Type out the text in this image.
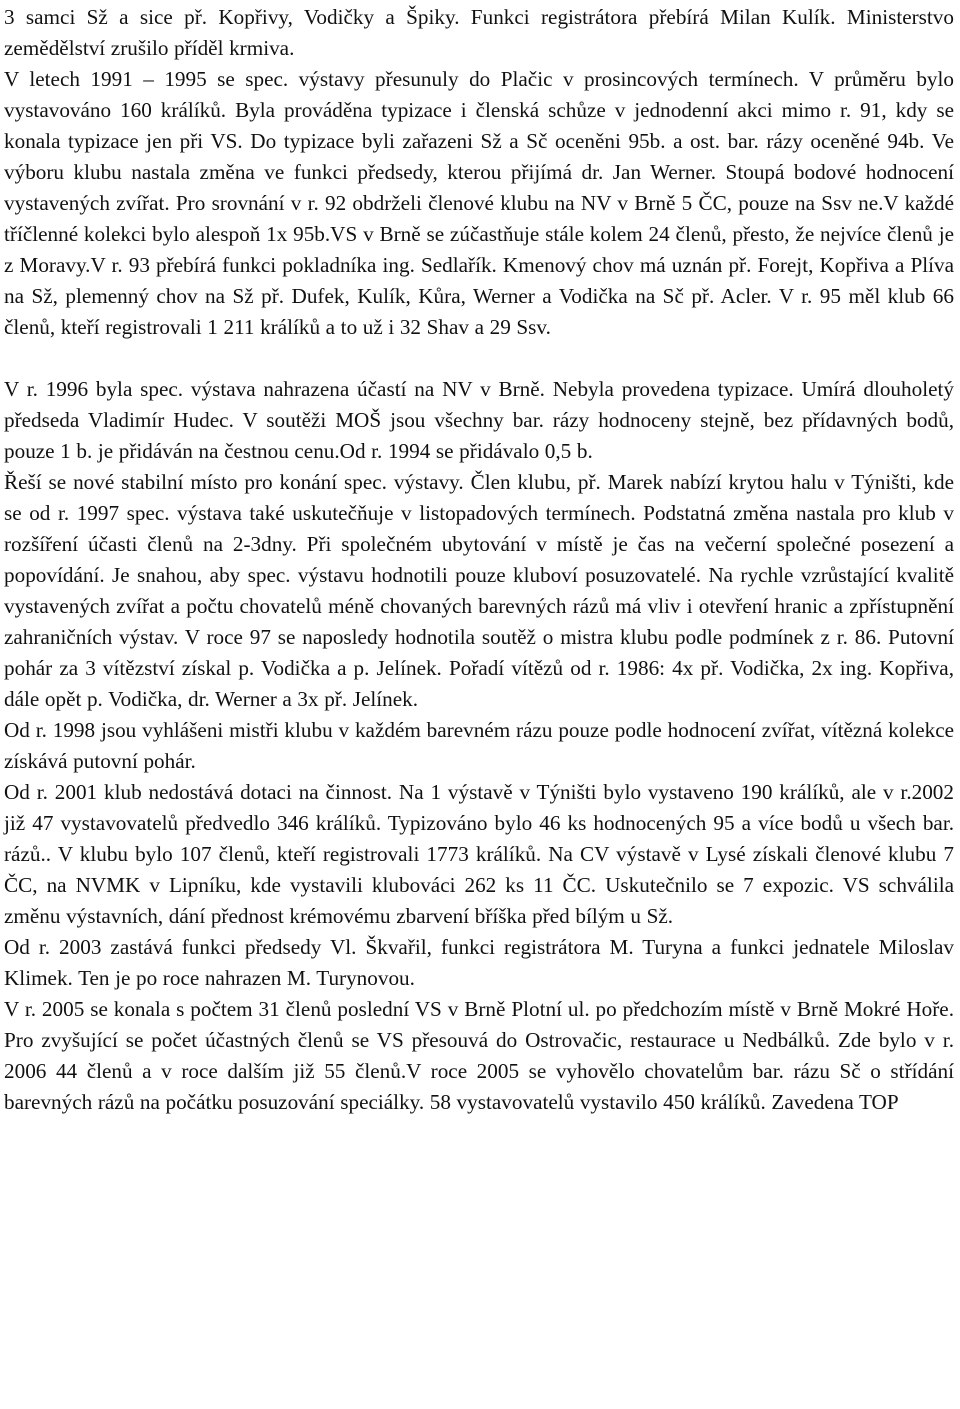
3 samci Sž a sice př. Kopřivy, Vodičky a Špiky. Funkci registrátora přebírá Milan Kulík. Ministerstvo zemědělství zrušilo příděl krmiva.

V letech 1991 – 1995 se spec. výstavy přesunuly do Plačic v prosincových termínech. V průměru bylo vystavováno 160 králíků. Byla prováděna typizace i členská schůze v jednodenní akci mimo r. 91, kdy se konala typizace jen při VS. Do typizace byli zařazeni Sž a Sč oceněni 95b. a ost. bar. rázy oceněné 94b. Ve výboru klubu nastala změna ve funkci předsedy, kterou přijímá dr. Jan Werner. Stoupá bodové hodnocení vystavených zvířat. Pro srovnání v r. 92 obdrželi členové klubu na NV v Brně 5 ČC, pouze na Ssv ne.V každé tříčlenné kolekci bylo alespoň 1x 95b.VS v Brně se zúčastňuje stále kolem 24 členů, přesto, že nejvíce členů je z Moravy.V r. 93 přebírá funkci pokladníka ing. Sedlařík. Kmenový chov má uznán př. Forejt, Kopřiva a Plíva na Sž, plemenný chov na Sž př. Dufek, Kulík, Kůra, Werner a Vodička na Sč př. Acler. V r. 95 měl klub 66 členů, kteří registrovali 1 211 králíků a to už i 32 Shav a 29 Ssv.

V r. 1996 byla spec. výstava nahrazena účastí na NV v Brně. Nebyla provedena typizace. Umírá dlouholetý předseda Vladimír Hudec. V soutěži MOŠ jsou všechny bar. rázy hodnoceny stejně, bez přídavných bodů, pouze 1 b. je přidáván na čestnou cenu.Od r. 1994 se přidávalo 0,5 b.

Řeší se nové stabilní místo pro konání spec. výstavy. Člen klubu, př. Marek nabízí krytou halu v Týništi, kde se od r. 1997 spec. výstava také uskutečňuje v listopadových termínech. Podstatná změna nastala pro klub v rozšíření účasti členů na 2-3dny. Při společném ubytování v místě je čas na večerní společné posezení a popovídání. Je snahou, aby spec. výstavu hodnotili pouze kluboví posuzovatelé. Na rychle vzrůstající kvalitě vystavených zvířat a počtu chovatelů méně chovaných barevných rázů má vliv i otevření hranic a zpřístupnění zahraničních výstav. V roce 97 se naposledy hodnotila soutěž o mistra klubu podle podmínek z r. 86. Putovní pohár za 3 vítězství získal p. Vodička a p. Jelínek. Pořadí vítězů od r. 1986: 4x př. Vodička, 2x ing. Kopřiva, dále opět p. Vodička, dr. Werner a 3x př. Jelínek.

Od r. 1998 jsou vyhlášeni mistři klubu v každém barevném rázu pouze podle hodnocení zvířat, vítězná kolekce získává putovní pohár.

Od r. 2001 klub nedostává dotaci na činnost. Na 1 výstavě v Týništi bylo vystaveno 190 králíků, ale v r.2002 již 47 vystavovatelů předvedlo 346 králíků. Typizováno bylo 46 ks hodnocených 95 a více bodů u všech bar. rázů.. V klubu bylo 107 členů, kteří registrovali 1773 králíků. Na CV výstavě v Lysé získali členové klubu 7 ČC, na NVMK v Lipníku, kde vystavili klubováci 262 ks 11 ČC. Uskutečnilo se 7 expozic. VS schválila změnu výstavních, dání přednost krémovému zbarvení bříška před bílým u Sž.

Od r. 2003 zastává funkci předsedy Vl. Škvařil, funkci registrátora M. Turyna a funkci jednatele Miloslav Klimek. Ten je po roce nahrazen M. Turynovou.

V r. 2005 se konala s počtem 31 členů poslední VS v Brně Plotní ul. po předchozím místě v Brně Mokré Hoře. Pro zvyšující se počet účastných členů se VS přesouvá do Ostrovačic, restaurace u Nedbálků. Zde bylo v r. 2006 44 členů a v roce dalším již 55 členů.V roce 2005 se vyhovělo chovatelům bar. rázu Sč o střídání barevných rázů na počátku posuzování speciálky. 58 vystavovatelů vystavilo 450 králíků. Zavedena TOP
